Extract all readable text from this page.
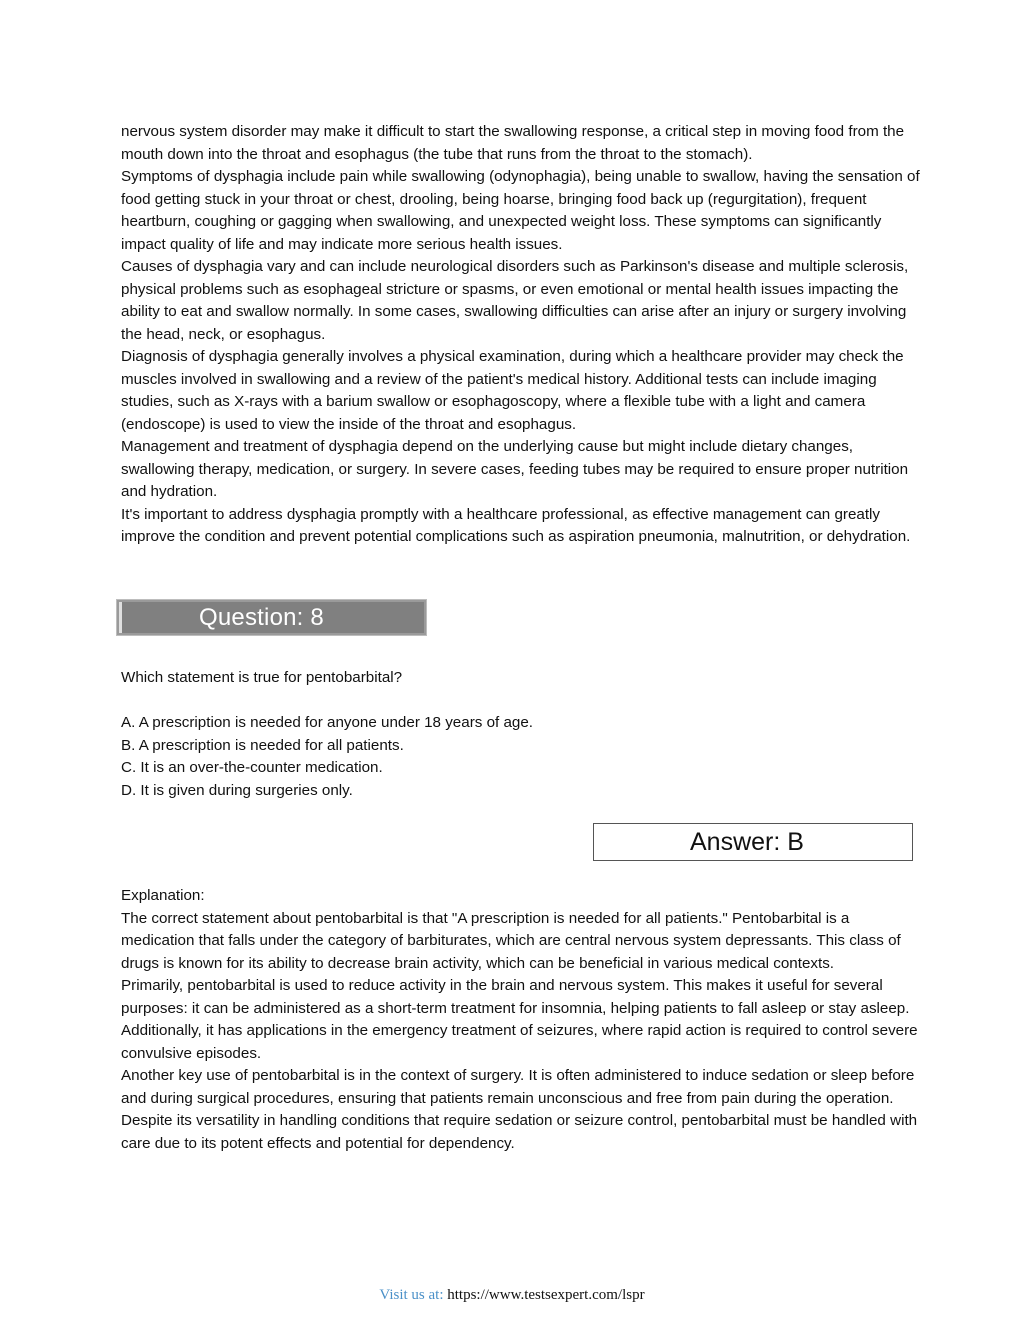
nervous system disorder may make it difficult to start the swallowing response, a critical step in moving food from the mouth down into the throat and esophagus (the tube that runs from the throat to the stomach).

Symptoms of dysphagia include pain while swallowing (odynophagia), being unable to swallow, having the sensation of food getting stuck in your throat or chest, drooling, being hoarse, bringing food back up (regurgitation), frequent heartburn, coughing or gagging when swallowing, and unexpected weight loss. These symptoms can significantly impact quality of life and may indicate more serious health issues.

Causes of dysphagia vary and can include neurological disorders such as Parkinson's disease and multiple sclerosis, physical problems such as esophageal stricture or spasms, or even emotional or mental health issues impacting the ability to eat and swallow normally. In some cases, swallowing difficulties can arise after an injury or surgery involving the head, neck, or esophagus.

Diagnosis of dysphagia generally involves a physical examination, during which a healthcare provider may check the muscles involved in swallowing and a review of the patient's medical history. Additional tests can include imaging studies, such as X-rays with a barium swallow or esophagoscopy, where a flexible tube with a light and camera (endoscope) is used to view the inside of the throat and esophagus.

Management and treatment of dysphagia depend on the underlying cause but might include dietary changes, swallowing therapy, medication, or surgery. In severe cases, feeding tubes may be required to ensure proper nutrition and hydration.

It's important to address dysphagia promptly with a healthcare professional, as effective management can greatly improve the condition and prevent potential complications such as aspiration pneumonia, malnutrition, or dehydration.

Question: 8

Which statement is true for pentobarbital?

A. A prescription is needed for anyone under 18 years of age.

B. A prescription is needed for all patients.

C. It is an over-the-counter medication.

D. It is given during surgeries only.

Answer: B

Explanation:

The correct statement about pentobarbital is that "A prescription is needed for all patients." Pentobarbital is a medication that falls under the category of barbiturates, which are central nervous system depressants. This class of drugs is known for its ability to decrease brain activity, which can be beneficial in various medical contexts.

Primarily, pentobarbital is used to reduce activity in the brain and nervous system. This makes it useful for several purposes: it can be administered as a short-term treatment for insomnia, helping patients to fall asleep or stay asleep. Additionally, it has applications in the emergency treatment of seizures, where rapid action is required to control severe convulsive episodes.

Another key use of pentobarbital is in the context of surgery. It is often administered to induce sedation or sleep before and during surgical procedures, ensuring that patients remain unconscious and free from pain during the operation. Despite its versatility in handling conditions that require sedation or seizure control, pentobarbital must be handled with care due to its potent effects and potential for dependency.

Visit us at: https://www.testsexpert.com/lspr
